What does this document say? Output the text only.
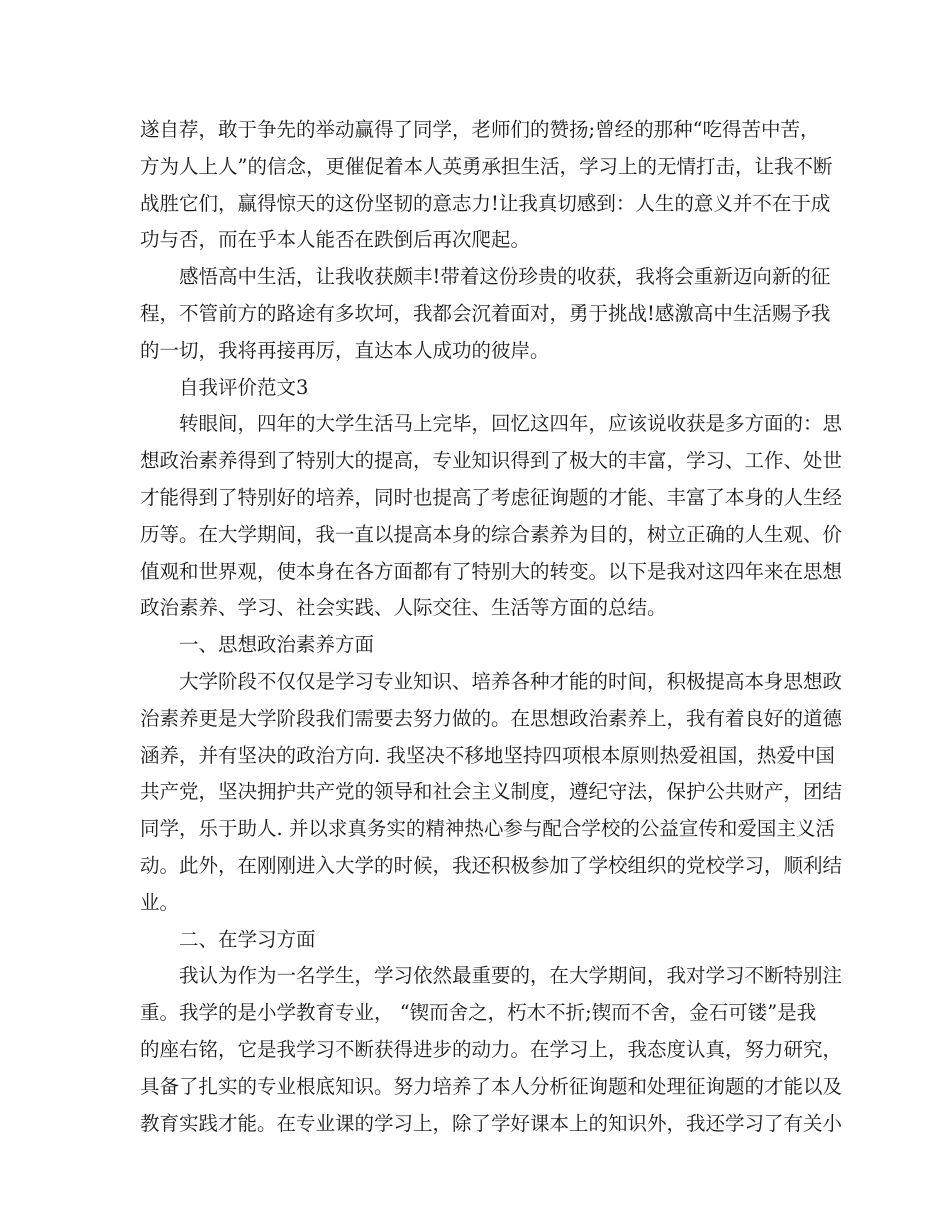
遂自荐，敢于争先的举动赢得了同学，老师们的赞扬;曾经的那种“吃得苦中苦，
方为人上人”的信念，更催促着本人英勇承担生活，学习上的无情打击，让我不断
战胜它们，赢得惊天的这份坚韧的意志力!让我真切感到：人生的意义并不在于成
功与否，而在乎本人能否在跌倒后再次爬起。
感悟高中生活，让我收获颇丰!带着这份珍贵的收获，我将会重新迈向新的征
程，不管前方的路途有多坎坷，我都会沉着面对，勇于挑战!感激高中生活赐予我
的一切，我将再接再厉，直达本人成功的彼岸。
自我评价范文3
转眼间，四年的大学生活马上完毕，回忆这四年，应该说收获是多方面的：思
想政治素养得到了特别大的提高，专业知识得到了极大的丰富，学习、工作、处世
才能得到了特别好的培养，同时也提高了考虑征询题的才能、丰富了本身的人生经
历等。在大学期间，我一直以提高本身的综合素养为目的，树立正确的人生观、价
值观和世界观，使本身在各方面都有了特别大的转变。以下是我对这四年来在思想
政治素养、学习、社会实践、人际交往、生活等方面的总结。
一、思想政治素养方面
大学阶段不仅仅是学习专业知识、培养各种才能的时间，积极提高本身思想政
治素养更是大学阶段我们需要去努力做的。在思想政治素养上，我有着良好的道德
涵养，并有坚决的政治方向. 我坚决不移地坚持四项根本原则热爱祖国，热爱中国
共产党，坚决拥护共产党的领导和社会主义制度，遵纪守法，保护公共财产，团结
同学，乐于助人. 并以求真务实的精神热心参与配合学校的公益宣传和爱国主义活
动。此外，在刚刚进入大学的时候，我还积极参加了学校组织的党校学习，顺利结
业。
二、在学习方面
我认为作为一名学生，学习依然最重要的，在大学期间，我对学习不断特别注
重。我学的是小学教育专业， “锲而舍之，朽木不折;锲而不舍，金石可镂”是我
的座右铭，它是我学习不断获得进步的动力。在学习上，我态度认真，努力研究，
具备了扎实的专业根底知识。努力培养了本人分析征询题和处理征询题的才能以及
教育实践才能。在专业课的学习上，除了学好课本上的知识外，我还学习了有关小
